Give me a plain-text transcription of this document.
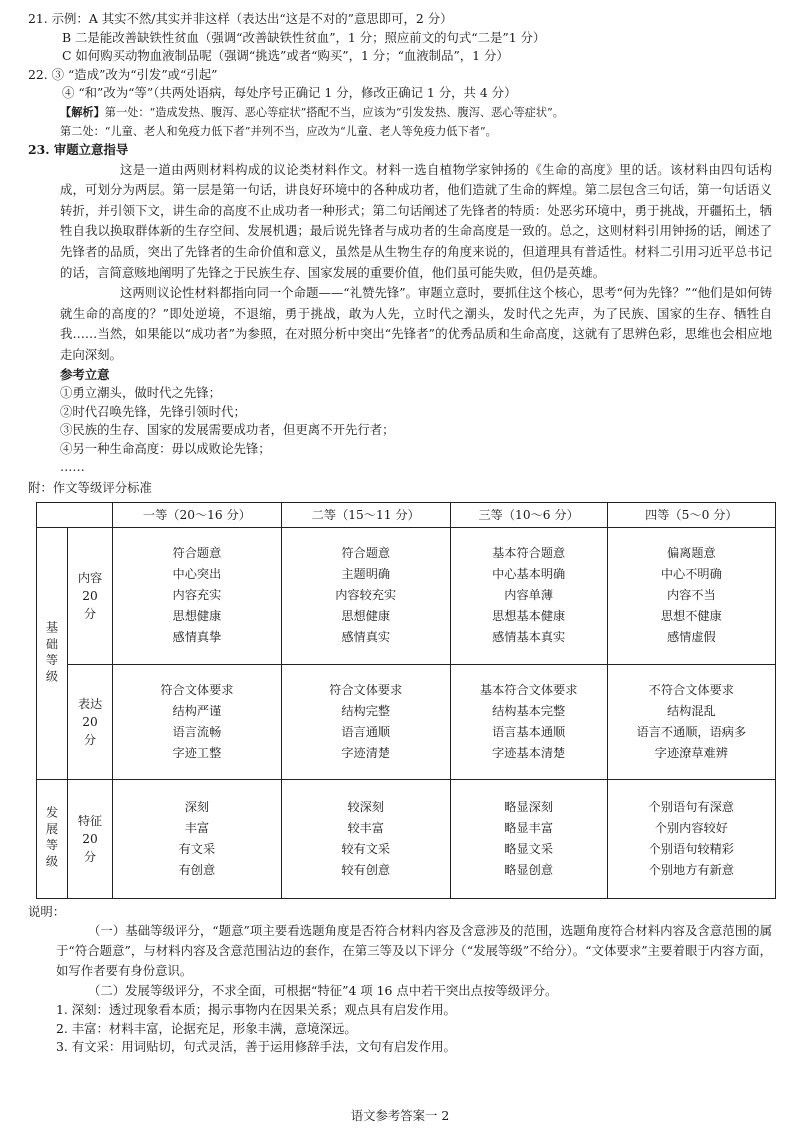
21. 示例：A 其实不然/其实并非这样（表达出“这是不对的”意思即可，2 分）
B 二是能改善缺铁性贫血（强调“改善缺铁性贫血”，1 分；照应前文的句式“二是”1 分）
C 如何购买动物血液制品呢（强调“挑选”或者“购买”，1 分；“血液制品”，1 分）
22. ③ “造成”改为“引发”或“引起”
④ “和”改为“等”（共两处语病，每处序号正确记 1 分，修改正确记 1 分，共 4 分）
【解析】第一处：“造成发热、腹泻、恶心等症状”搭配不当，应该为“引发发热、腹泻、恶心等症状”。
第二处：“儿童、老人和免疫力低下者”并列不当，应改为“儿童、老人等免疫力低下者”。
23. 审题立意指导
这是一道由两则材料构成的议论类材料作文。材料一选自植物学家钟扬的《生命的高度》里的话。该材料由四句话构成，可划分为两层。第一层是第一句话，讲良好环境中的各种成功者，他们造就了生命的辉煌。第二层包含三句话，第一句话语义转折，并引领下文，讲生命的高度不止成功者一种形式；第二句话阐述了先锋者的特质：处恶劣环境中，勇于挑战，开疆拓土，牺牲自我以换取群体新的生存空间、发展机遇；最后说先锋者与成功者的生命高度是一致的。总之，这则材料引用钟扬的话，阐述了先锋者的品质，突出了先锋者的生命价值和意义，虽然是从生物生存的角度来说的，但道理具有普适性。材料二引用习近平总书记的话，言简意赅地阐明了先锋之于民族生存、国家发展的重要价值，他们虽可能失败，但仍是英雄。
这两则议论性材料都指向同一个命题——“礼赞先锋”。审题立意时，要抓住这个核心，思考“何为先锋？”“他们是如何铸就生命的高度的？”即处逆境，不退缩，勇于挑战，敢为人先，立时代之潮头，发时代之先声，为了民族、国家的生存、牺牲自我……当然，如果能以“成功者”为参照，在对照分析中突出“先锋者”的优秀品质和生命高度，这就有了思辨色彩，思维也会相应地走向深刻。
参考立意
①勇立潮头，做时代之先锋；
②时代召唤先锋，先锋引领时代；
③民族的生存、国家的发展需要成功者，但更离不开先行者；
④另一种生命高度：毋以成败论先锋；
……
附：作文等级评分标准
		一等（20～16 分）	二等（15～11 分）	三等（10～6 分）	四等（5～0 分）

基础等级	内容
20
分	符合题意
中心突出
内容充实
思想健康
感情真挚	符合题意
主题明确
内容较充实
思想健康
感情真实	基本符合题意
中心基本明确
内容单薄
思想基本健康
感情基本真实	偏离题意
中心不明确
内容不当
思想不健康
感情虚假
	表达
20
分	符合文体要求
结构严谨
语言流畅
字迹工整	符合文体要求
结构完整
语言通顺
字迹清楚	基本符合文体要求
结构基本完整
语言基本通顺
字迹基本清楚	不符合文体要求
结构混乱
语言不通顺，语病多
字迹潦草难辨

发展等级	特征
20
分	深刻
丰富
有文采
有创意	较深刻
较丰富
较有文采
较有创意	略显深刻
略显丰富
略显文采
略显创意	个别语句有深意
个别内容较好
个别语句较精彩
个别地方有新意
说明：
（一）基础等级评分，“题意”项主要看选题角度是否符合材料内容及含意涉及的范围，选题角度符合材料内容及含意范围的属于“符合题意”，与材料内容及含意范围沾边的套作，在第三等及以下评分（“发展等级”不给分）。“文体要求”主要着眼于内容方面，如写作者要有身份意识。
（二）发展等级评分，不求全面，可根据“特征”4 项 16 点中若干突出点按等级评分。
1. 深刻：透过现象看本质；揭示事物内在因果关系；观点具有启发作用。
2. 丰富：材料丰富，论据充足，形象丰满，意境深远。
3. 有文采：用词贴切，句式灵活，善于运用修辞手法，文句有启发作用。
语文参考答案一 2
